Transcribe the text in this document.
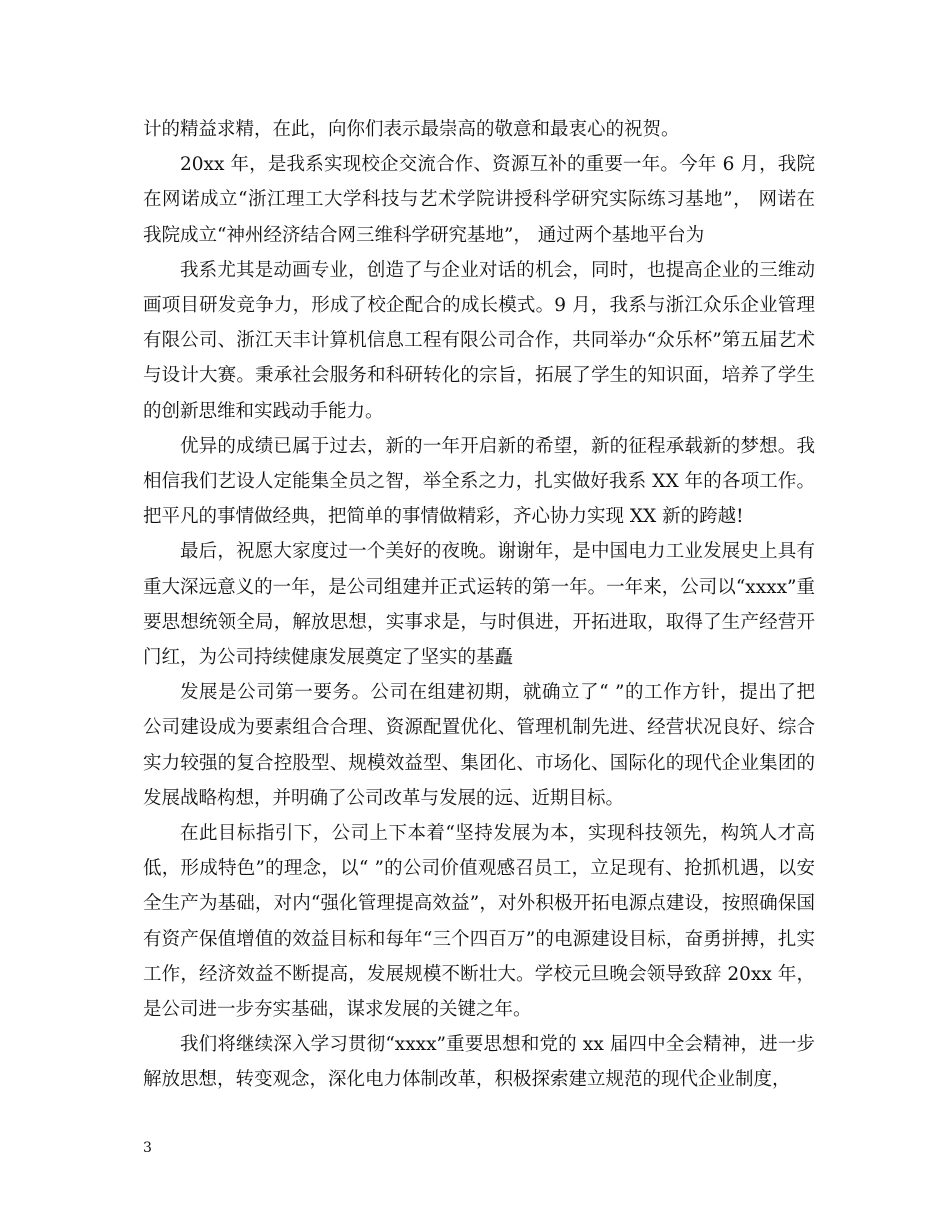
计的精益求精，在此，向你们表示最崇高的敬意和最衷心的祝贺。

20xx 年，是我系实现校企交流合作、资源互补的重要一年。今年 6 月，我院在网诺成立“浙江理工大学科技与艺术学院讲授科学研究实际练习基地”， 网诺在我院成立“神州经济结合网三维科学研究基地”， 通过两个基地平台为

我系尤其是动画专业，创造了与企业对话的机会，同时，也提高企业的三维动画项目研发竞争力，形成了校企配合的成长模式。9 月，我系与浙江众乐企业管理有限公司、浙江天丰计算机信息工程有限公司合作，共同举办“众乐杯”第五届艺术与设计大赛。秉承社会服务和科研转化的宗旨，拓展了学生的知识面，培养了学生的创新思维和实践动手能力。

优异的成绩已属于过去，新的一年开启新的希望，新的征程承载新的梦想。我相信我们艺设人定能集全员之智，举全系之力，扎实做好我系 XX 年的各项工作。把平凡的事情做经典，把简单的事情做精彩，齐心协力实现 XX 新的跨越!

最后，祝愿大家度过一个美好的夜晚。谢谢年，是中国电力工业发展史上具有重大深远意义的一年，是公司组建并正式运转的第一年。一年来，公司以“xxxx”重要思想统领全局，解放思想，实事求是，与时俱进，开拓进取，取得了生产经营开门红，为公司持续健康发展奠定了坚实的基矗

发展是公司第一要务。公司在组建初期，就确立了“ ”的工作方针，提出了把公司建设成为要素组合合理、资源配置优化、管理机制先进、经营状况良好、综合实力较强的复合控股型、规模效益型、集团化、市场化、国际化的现代企业集团的发展战略构想，并明确了公司改革与发展的远、近期目标。

在此目标指引下，公司上下本着“坚持发展为本，实现科技领先，构筑人才高低，形成特色”的理念，以“ ”的公司价值观感召员工，立足现有、抢抓机遇，以安全生产为基础，对内“强化管理提高效益”，对外积极开拓电源点建设，按照确保国有资产保值增值的效益目标和每年“三个四百万”的电源建设目标，奋勇拼搏，扎实工作，经济效益不断提高，发展规模不断壮大。学校元旦晚会领导致辞 20xx 年，是公司进一步夯实基础，谋求发展的关键之年。

我们将继续深入学习贯彻“xxxx”重要思想和党的 xx 届四中全会精神，进一步解放思想，转变观念，深化电力体制改革，积极探索建立规范的现代企业制度，

3
